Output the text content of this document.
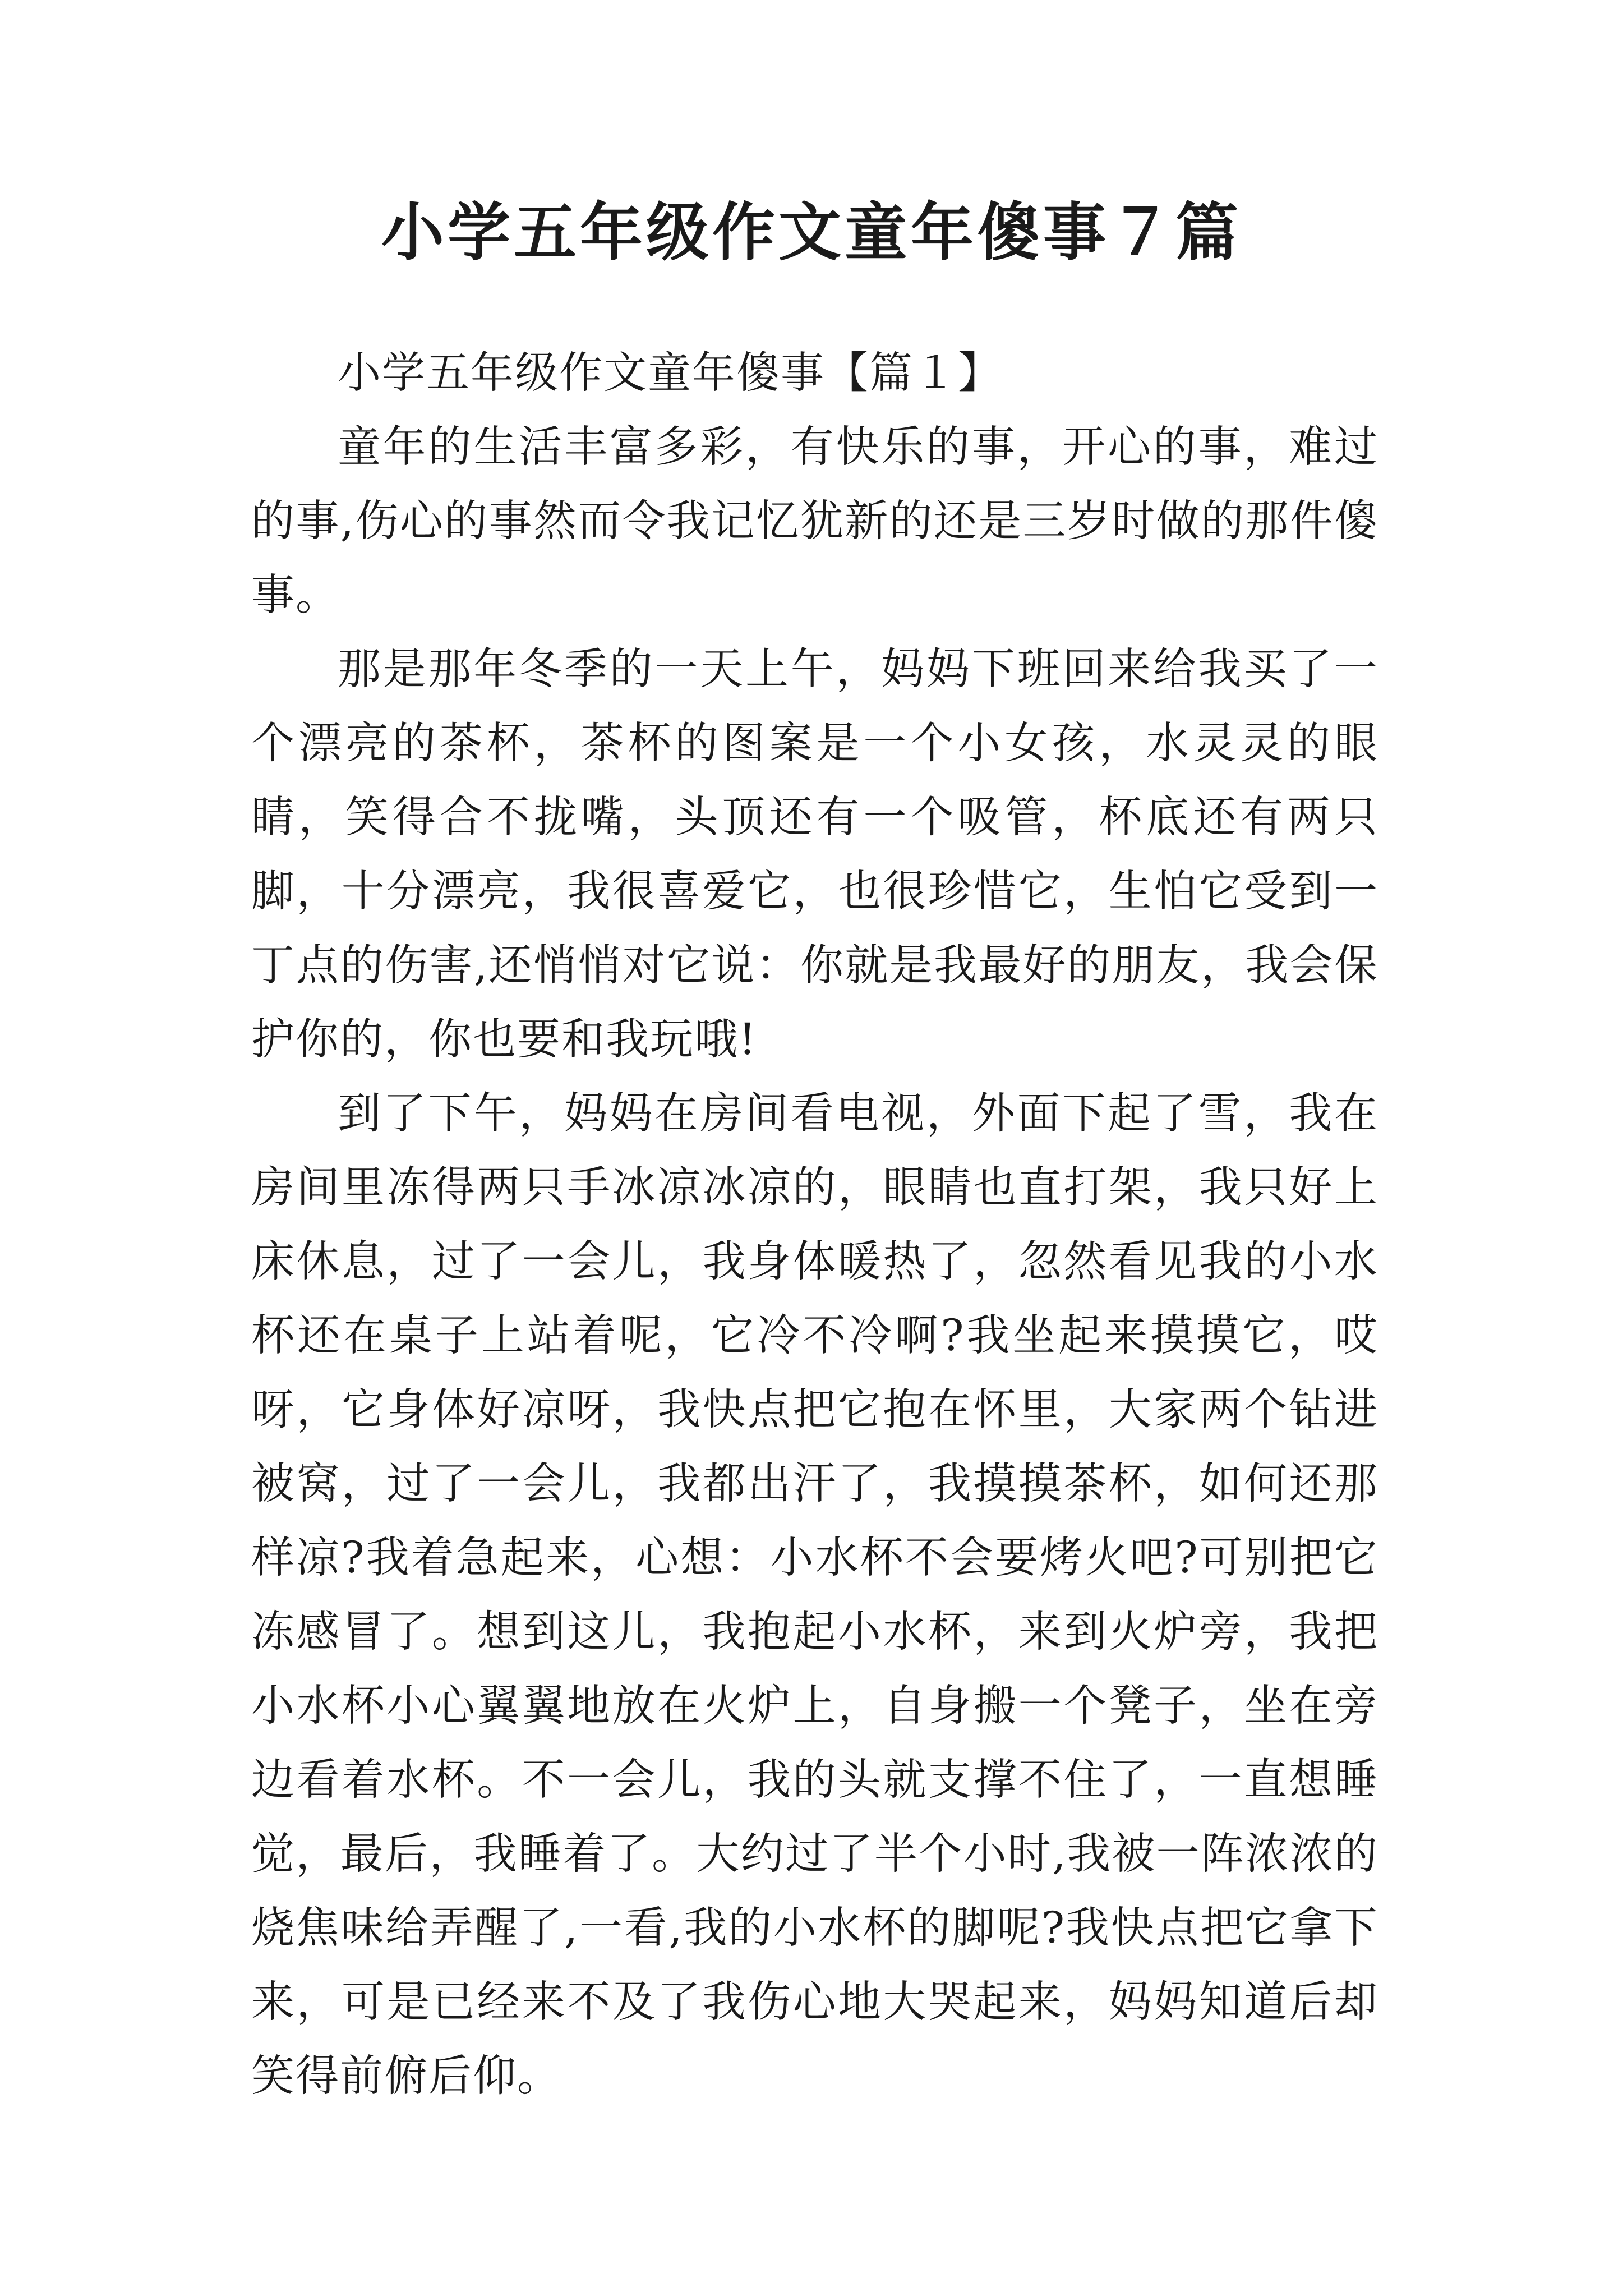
小学五年级作文童年傻事７篇

小学五年级作文童年傻事【篇１】

童年的生活丰富多彩，有快乐的事，开心的事，难过的事,伤心的事然而令我记忆犹新的还是三岁时做的那件傻事。

那是那年冬季的一天上午，妈妈下班回来给我买了一个漂亮的茶杯，茶杯的图案是一个小女孩，水灵灵的眼睛，笑得合不拢嘴，头顶还有一个吸管，杯底还有两只脚，十分漂亮，我很喜爱它，也很珍惜它，生怕它受到一丁点的伤害,还悄悄对它说：你就是我最好的朋友，我会保护你的，你也要和我玩哦!

到了下午，妈妈在房间看电视，外面下起了雪，我在房间里冻得两只手冰凉冰凉的，眼睛也直打架，我只好上床休息，过了一会儿，我身体暖热了，忽然看见我的小水杯还在桌子上站着呢，它冷不冷啊?我坐起来摸摸它，哎呀，它身体好凉呀，我快点把它抱在怀里，大家两个钻进被窝，过了一会儿，我都出汗了，我摸摸茶杯，如何还那样凉?我着急起来，心想：小水杯不会要烤火吧?可别把它冻感冒了。想到这儿，我抱起小水杯，来到火炉旁，我把小水杯小心翼翼地放在火炉上，自身搬一个凳子，坐在旁边看着水杯。不一会儿，我的头就支撑不住了，一直想睡觉，最后，我睡着了。大约过了半个小时,我被一阵浓浓的烧焦味给弄醒了,一看,我的小水杯的脚呢?我快点把它拿下来，可是已经来不及了我伤心地大哭起来，妈妈知道后却笑得前俯后仰。
